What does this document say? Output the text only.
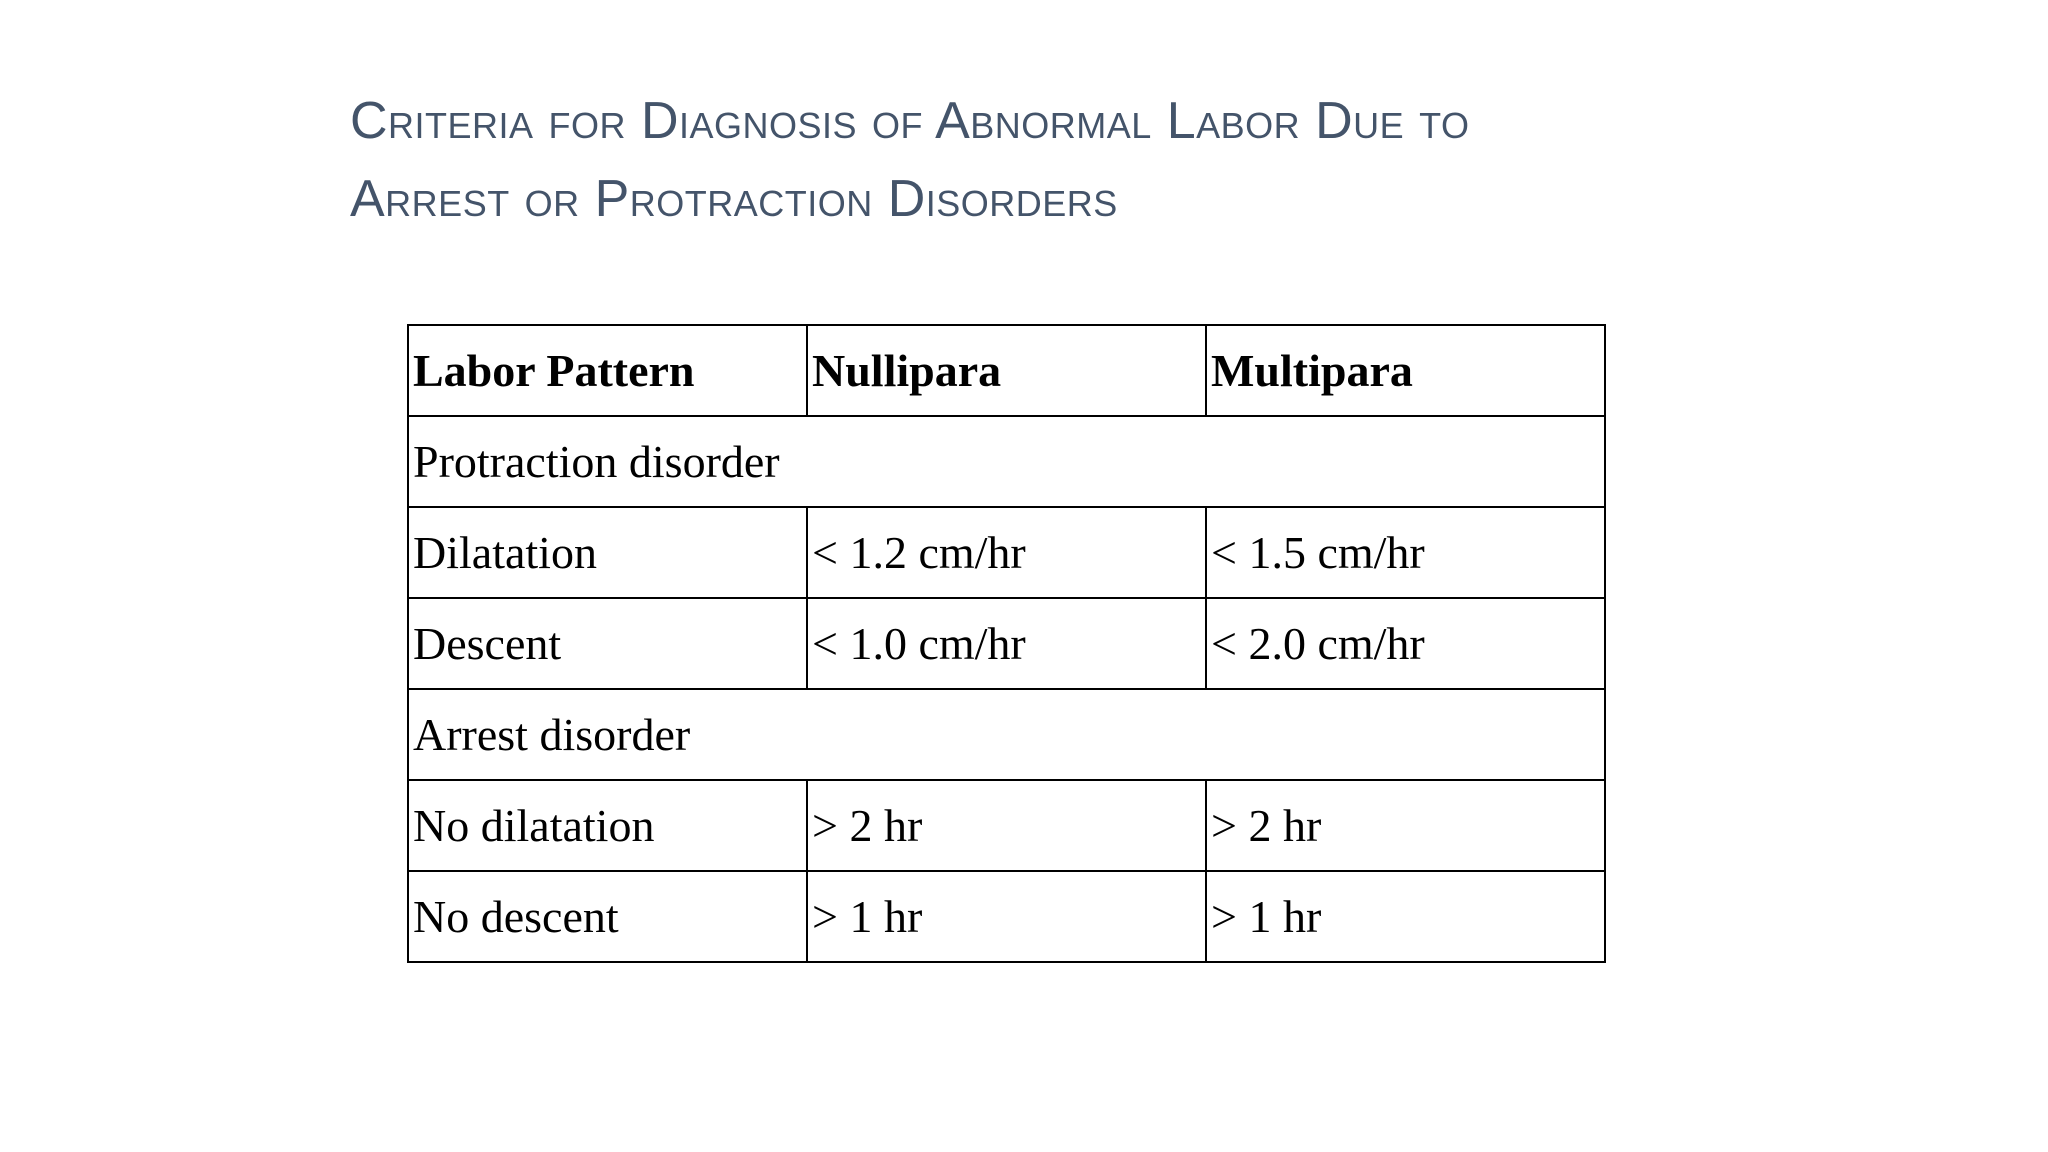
Criteria for Diagnosis of Abnormal Labor Due to
Arrest or Protraction Disorders
Labor Pattern	Nullipara	Multipara
Protraction disorder		
Dilatation	< 1.2 cm/hr	< 1.5 cm/hr
Descent	< 1.0 cm/hr	< 2.0 cm/hr
Arrest disorder		
No dilatation	> 2 hr	> 2 hr
No descent	> 1 hr	> 1 hr
